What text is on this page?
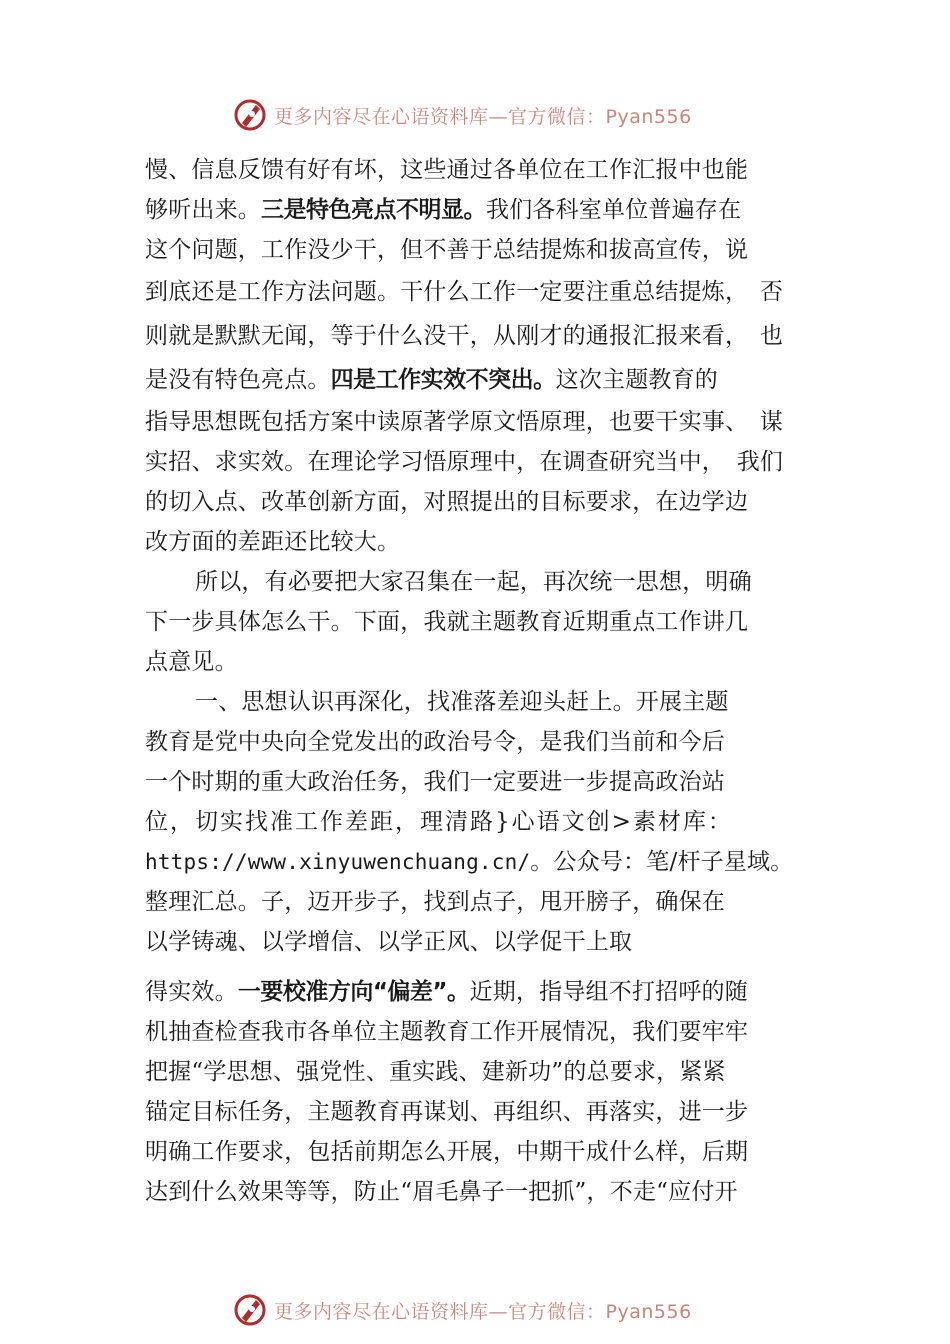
更多内容尽在心语资料库—官方微信：Pyan556
慢、信息反馈有好有坏，这些通过各单位在工作汇报中也能
够听出来。三是特色亮点不明显。我们各科室单位普遍存在
这个问题，工作没少干，但不善于总结提炼和拔高宣传，说
到底还是工作方法问题。干什么工作一定要注重总结提炼，　否
则就是默默无闻，等于什么没干，从刚才的通报汇报来看，　也
是没有特色亮点。四是工作实效不突出。这次主题教育的
指导思想既包括方案中读原著学原文悟原理，也要干实事、　谋
实招、求实效。在理论学习悟原理中，在调查研究当中，　我们
的切入点、改革创新方面，对照提出的目标要求，在边学边
改方面的差距还比较大。
所以，有必要把大家召集在一起，再次统一思想，明确
下一步具体怎么干。下面，我就主题教育近期重点工作讲几
点意见。
一、思想认识再深化，找准落差迎头赶上。开展主题
教育是党中央向全党发出的政治号令，是我们当前和今后
一个时期的重大政治任务，我们一定要进一步提高政治站
位，切实找准工作差距，理清路}心语文创>素材库：
https://www.xinyuwenchuang.cn/。公众号：笔/杆子星域。
整理汇总。子，迈开步子，找到点子，甩开膀子，确保在
以学铸魂、以学增信、以学正风、以学促干上取
得实效。一要校准方向“偏差”。近期，指导组不打招呼的随
机抽查检查我市各单位主题教育工作开展情况，我们要牢牢
把握“学思想、强党性、重实践、建新功”的总要求，紧紧
锚定目标任务，主题教育再谋划、再组织、再落实，进一步
明确工作要求，包括前期怎么开展，中期干成什么样，后期
达到什么效果等等，防止“眉毛鼻子一把抓”，不走“应付开
更多内容尽在心语资料库—官方微信：Pyan556
